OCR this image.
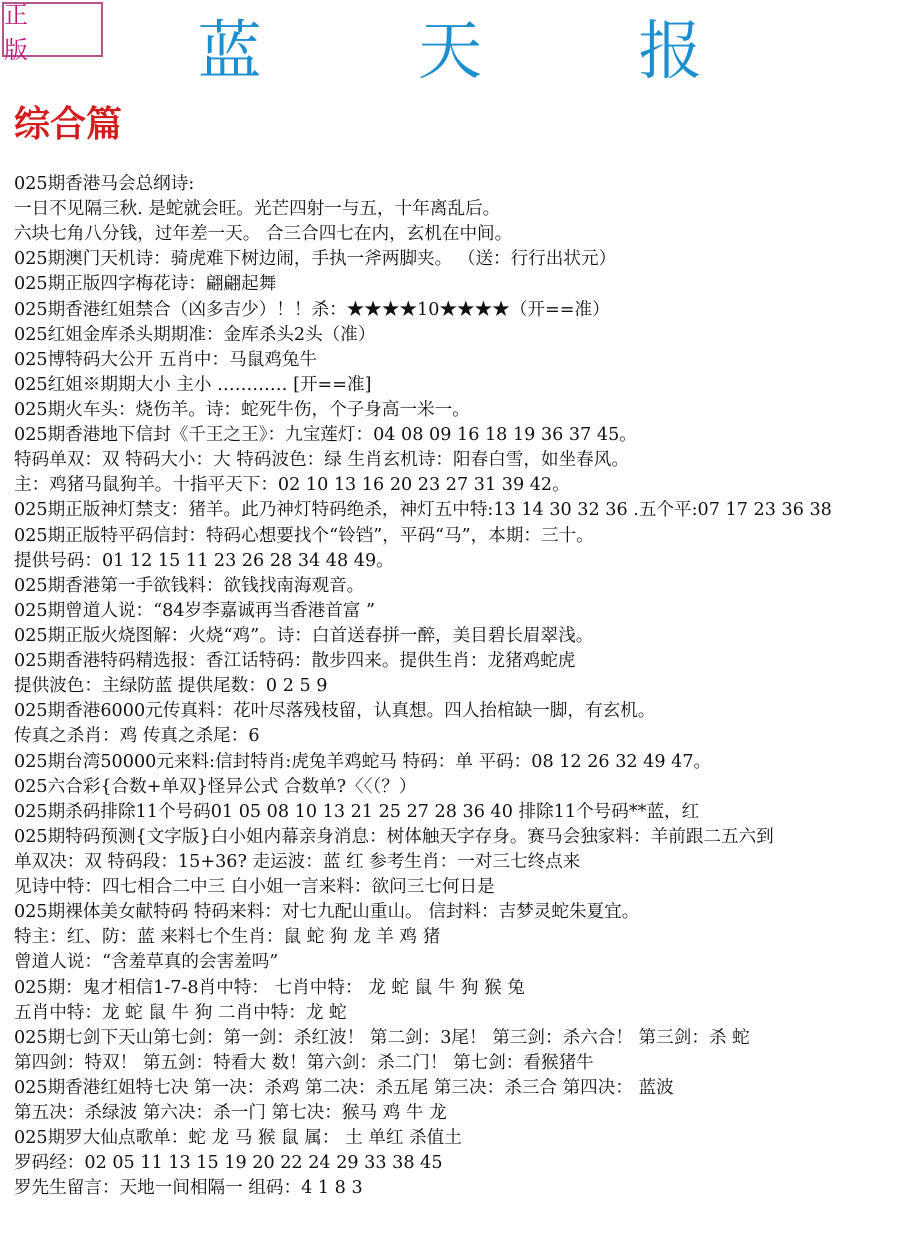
正 版	蓝 天 报
综合篇
025期香港马会总纲诗:
一日不见隔三秋. 是蛇就会旺。光芒四射一与五，十年离乱后。
六块七角八分钱，过年差一天。 合三合四七在内，玄机在中间。
025期澳门天机诗：骑虎难下树边闹，手执一斧两脚夹。 （送：行行出状元）
025期正版四字梅花诗：翩翩起舞
025期香港红姐禁合（凶多吉少）！！杀：★★★★10★★★★（开==准）
025红姐金库杀头期期准：金库杀头2头（准）
025博特码大公开 五肖中：马鼠鸡兔牛
025红姐※期期大小 主小 ………… [开==准]
025期火车头：烧伤羊。诗：蛇死牛伤，个子身高一米一。
025期香港地下信封《千王之王》：九宝莲灯：04 08 09 16 18 19 36 37 45。
特码单双：双 特码大小：大 特码波色：绿 生肖玄机诗：阳春白雪，如坐春风。
主：鸡猪马鼠狗羊。十指平天下：02 10 13 16 20 23 27 31 39 42。
025期正版神灯禁支：猪羊。此乃神灯特码绝杀，神灯五中特:13 14 30 32 36 .五个平:07 17 23 36 38
025期正版特平码信封：特码心想要找个“铃铛”，平码“马”，本期：三十。
提供号码：01 12 15 11 23 26 28 34 48 49。
025期香港第一手欲钱料：欲钱找南海观音。
025期曾道人说：“84岁李嘉诚再当香港首富 ”
025期正版火烧图解：火烧“鸡”。诗：白首送春拼一醉，美目碧长眉翠浅。
025期香港特码精选报：香江话特码：散步四来。提供生肖：龙猪鸡蛇虎
提供波色：主绿防蓝 提供尾数：0 2 5 9
025期香港6000元传真料：花叶尽落残枝留，认真想。四人抬棺缺一脚，有玄机。
传真之杀肖：鸡 传真之杀尾：6
025期台湾50000元来料:信封特肖:虎兔羊鸡蛇马 特码：单 平码：08 12 26 32 49 47。
025六合彩{合数+单双}怪异公式 合数单?〈〈（？）
025期杀码排除11个号码01 05 08 10 13 21 25 27 28 36 40 排除11个号码**蓝，红
025期特码预测{文字版}白小姐内幕亲身消息：树体触天字存身。赛马会独家料：羊前跟二五六到
单双决：双 特码段：15+36? 走运波：蓝 红 参考生肖：一对三七终点来
见诗中特：四七相合二中三 白小姐一言来料：欲问三七何日是
025期裸体美女献特码 特码来料：对七九配山重山。 信封料：吉梦灵蛇朱夏宜。
特主：红、防：蓝 来料七个生肖：鼠 蛇 狗 龙 羊 鸡 猪
曾道人说：“含羞草真的会害羞吗”
025期：鬼才相信1-7-8肖中特： 七肖中特： 龙 蛇 鼠 牛 狗 猴 兔
五肖中特：龙 蛇 鼠 牛 狗 二肖中特：龙 蛇
025期七剑下天山第七剑：第一剑：杀红波！ 第二剑：3尾！ 第三剑：杀六合！ 第三剑：杀 蛇
第四剑：特双！ 第五剑：特看大 数！第六剑：杀二门！ 第七剑：看猴猪牛
025期香港红姐特七决 第一决：杀鸡 第二决：杀五尾 第三决：杀三合 第四决： 蓝波
第五决：杀绿波 第六决：杀一门 第七决：猴马 鸡 牛 龙
025期罗大仙点歌单：蛇 龙 马 猴 鼠 属： 土 单红 杀值土
罗码经：02 05 11 13 15 19 20 22 24 29 33 38 45
罗先生留言：天地一间相隔一 组码：4 1 8 3
